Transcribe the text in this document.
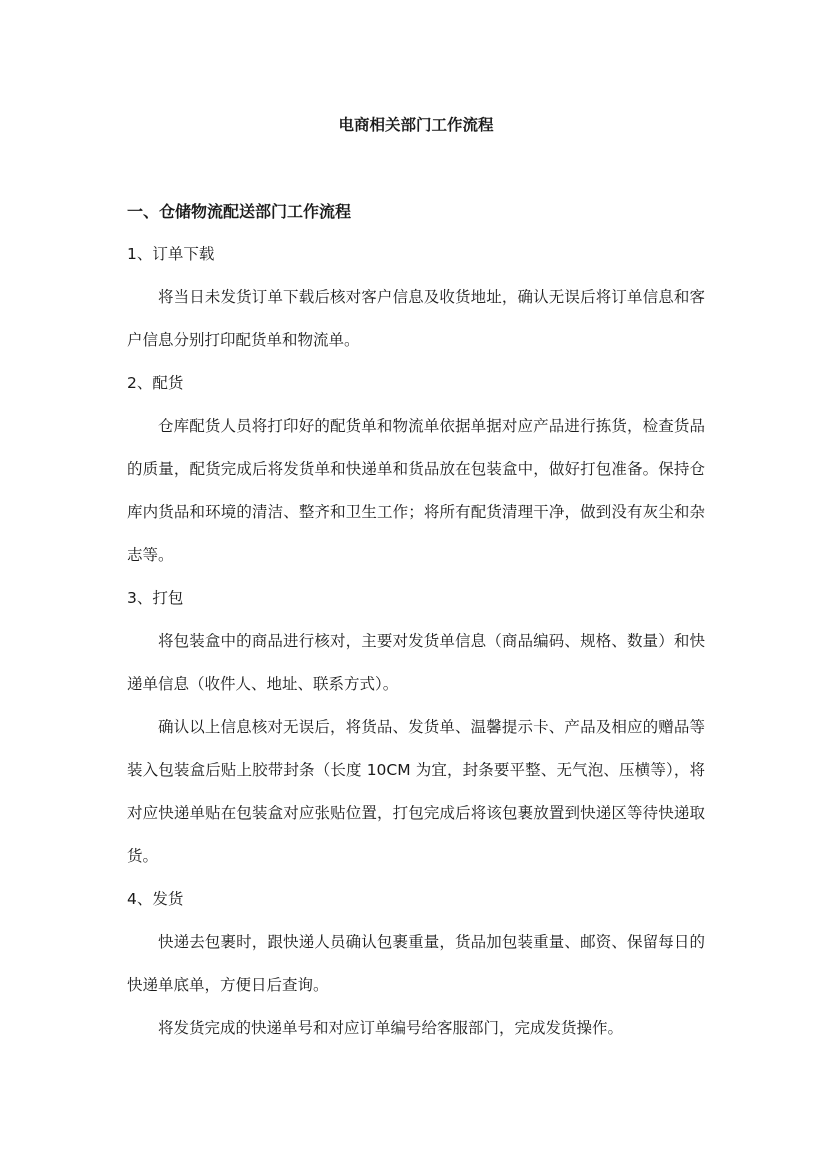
电商相关部门工作流程

一、仓储物流配送部门工作流程

1、订单下载

将当日未发货订单下载后核对客户信息及收货地址，确认无误后将订单信息和客户信息分别打印配货单和物流单。

2、配货

仓库配货人员将打印好的配货单和物流单依据单据对应产品进行拣货，检查货品的质量，配货完成后将发货单和快递单和货品放在包装盒中，做好打包准备。保持仓库内货品和环境的清洁、整齐和卫生工作；将所有配货清理干净，做到没有灰尘和杂志等。

3、打包

将包装盒中的商品进行核对，主要对发货单信息（商品编码、规格、数量）和快递单信息（收件人、地址、联系方式）。

确认以上信息核对无误后，将货品、发货单、温馨提示卡、产品及相应的赠品等装入包装盒后贴上胶带封条（长度 10CM 为宜，封条要平整、无气泡、压横等），将对应快递单贴在包装盒对应张贴位置，打包完成后将该包裹放置到快递区等待快递取货。

4、发货

快递去包裹时，跟快递人员确认包裹重量，货品加包装重量、邮资、保留每日的快递单底单，方便日后查询。

将发货完成的快递单号和对应订单编号给客服部门，完成发货操作。
